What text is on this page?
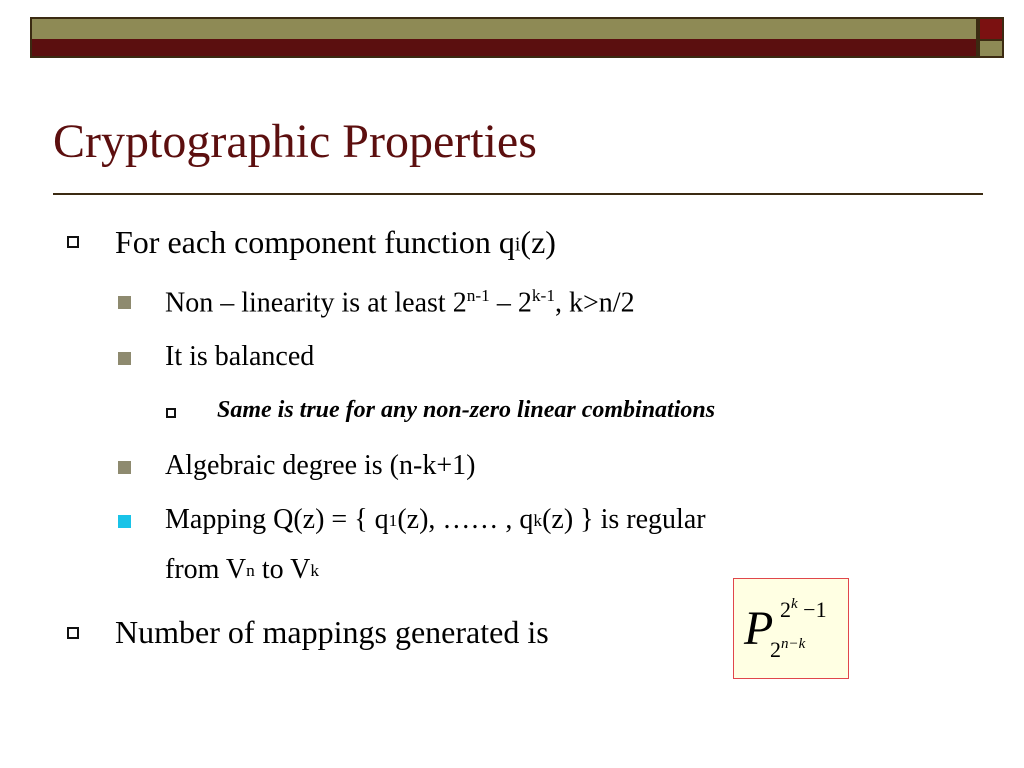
Cryptographic Properties
For each component function qi(z)
Non – linearity is at least 2$^{n-1}$ – 2$^{k-1}$, k>n/2
It is balanced
Same is true for any non-zero linear combinations
Algebraic degree is (n-k+1)
Mapping Q(z) = { q1(z), …… , qk(z) } is regular
from Vn to Vk
Number of mappings generated is	P $2^k -1$
$2^{n-k}$
